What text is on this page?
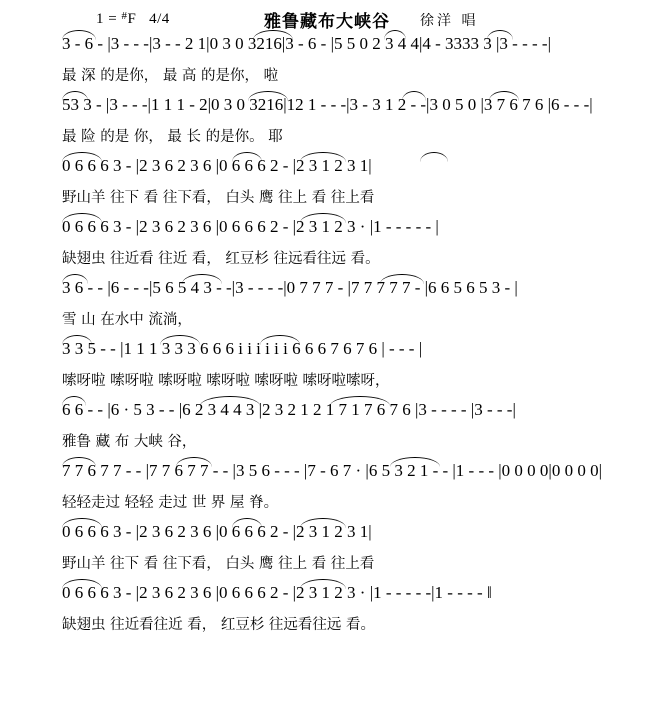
1 = #F 4/4	雅鲁藏布大峡谷	徐洋 唱
3 - 6 - |3 - - -|3 - - 2 1|0 3 0 3216|3 - 6 - |5 5 0 2 3 4 4|4 - 3333 3 |3 - - - -|
最 深 的是你， 最 高 的是你， 啦
53 3 - |3 - - -|1 1 1 - 2|0 3 0 3216|12 1 - - -|3 - 3 1 2 - -|3 0 5 0 |3 7 6 7 6 |6 - - -|
最 险 的是 你， 最 长 的是你。 耶
0 6 6 6 3 - |2 3 6 2 3 6 |0 6 6 6 2 - |2 3 1 2 3 1|
野山羊 往下 看 往下看， 白头 鹰 往上 看 往上看
0 6 6 6 3 - |2 3 6 2 3 6 |0 6 6 6 2 - |2 3 1 2 3 · |1 - - - - - |
缺翅虫 往近看 往近 看， 红豆杉 往远看往远 看。
3 6 - - |6 - - -|5 6 5 4 3 - -|3 - - - -|0 7 7 7 - |7 7 7 7 7 - |6 6 5 6 5 3 - |
雪 山 在水中 流淌，
3 3 5 - - |1 1 1 3 3 3 6 6 6 i i i i i i 6 6 6 7 6 7 6 | - - - |
嗦呀啦 嗦呀啦 嗦呀啦 嗦呀啦 嗦呀啦 嗦呀啦嗦呀，
6 6 - - |6 · 5 3 - - |6 2 3 4 4 3 |2 3 2 1 2 1 7 1 7 6 7 6 |3 - - - - |3 - - -|
雅鲁 藏 布 大峡 谷，
7 7 6 7 7 - - |7 7 6 7 7 - - |3 5 6 - - - |7 - 6 7 · |6 5 3 2 1 - - |1 - - - |0 0 0 0|0 0 0 0|
轻轻走过 轻轻 走过 世 界 屋 脊。
0 6 6 6 3 - |2 3 6 2 3 6 |0 6 6 6 2 - |2 3 1 2 3 1|
野山羊 往下 看 往下看， 白头 鹰 往上 看 往上看
0 6 6 6 3 - |2 3 6 2 3 6 |0 6 6 6 2 - |2 3 1 2 3 · |1 - - - - -|1 - - - - ‖
缺翅虫 往近看往近 看， 红豆杉 往远看往远 看。
